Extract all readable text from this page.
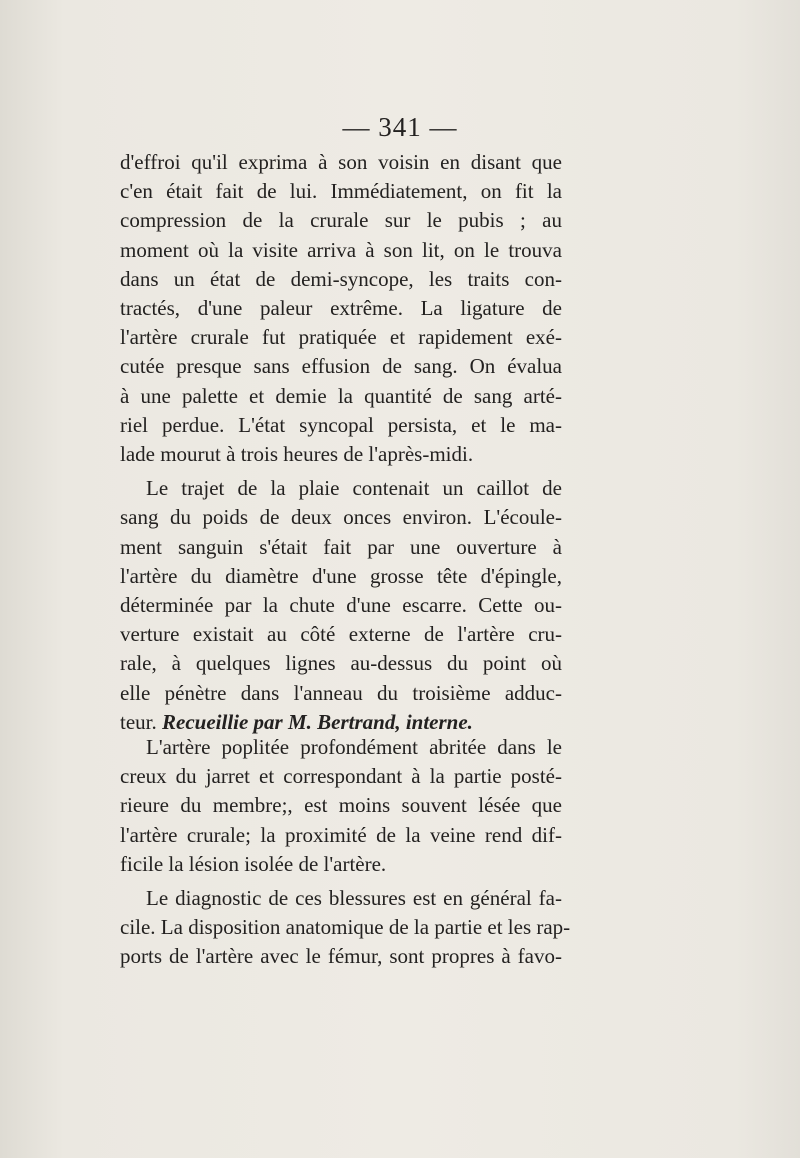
— 341 —
d'effroi qu'il exprima à son voisin en disant que
c'en était fait de lui. Immédiatement, on fit la
compression de la crurale sur le pubis ; au
moment où la visite arriva à son lit, on le trouva
dans un état de demi-syncope, les traits con-
tractés, d'une paleur extrême. La ligature de
l'artère crurale fut pratiquée et rapidement exé-
cutée presque sans effusion de sang. On évalua
à une palette et demie la quantité de sang arté-
riel perdue. L'état syncopal persista, et le ma-
lade mourut à trois heures de l'après-midi.
Le trajet de la plaie contenait un caillot de
sang du poids de deux onces environ. L'écoule-
ment sanguin s'était fait par une ouverture à
l'artère du diamètre d'une grosse tête d'épingle,
déterminée par la chute d'une escarre. Cette ou-
verture existait au côté externe de l'artère cru-
rale, à quelques lignes au-dessus du point où
elle pénètre dans l'anneau du troisième adduc-
teur. Recueillie par M. Bertrand, interne.
L'artère poplitée profondément abritée dans le
creux du jarret et correspondant à la partie posté-
rieure du membre;, est moins souvent lésée que
l'artère crurale; la proximité de la veine rend dif-
ficile la lésion isolée de l'artère.
Le diagnostic de ces blessures est en général fa-
cile. La disposition anatomique de la partie et les rap-
ports de l'artère avec le fémur, sont propres à favo-
